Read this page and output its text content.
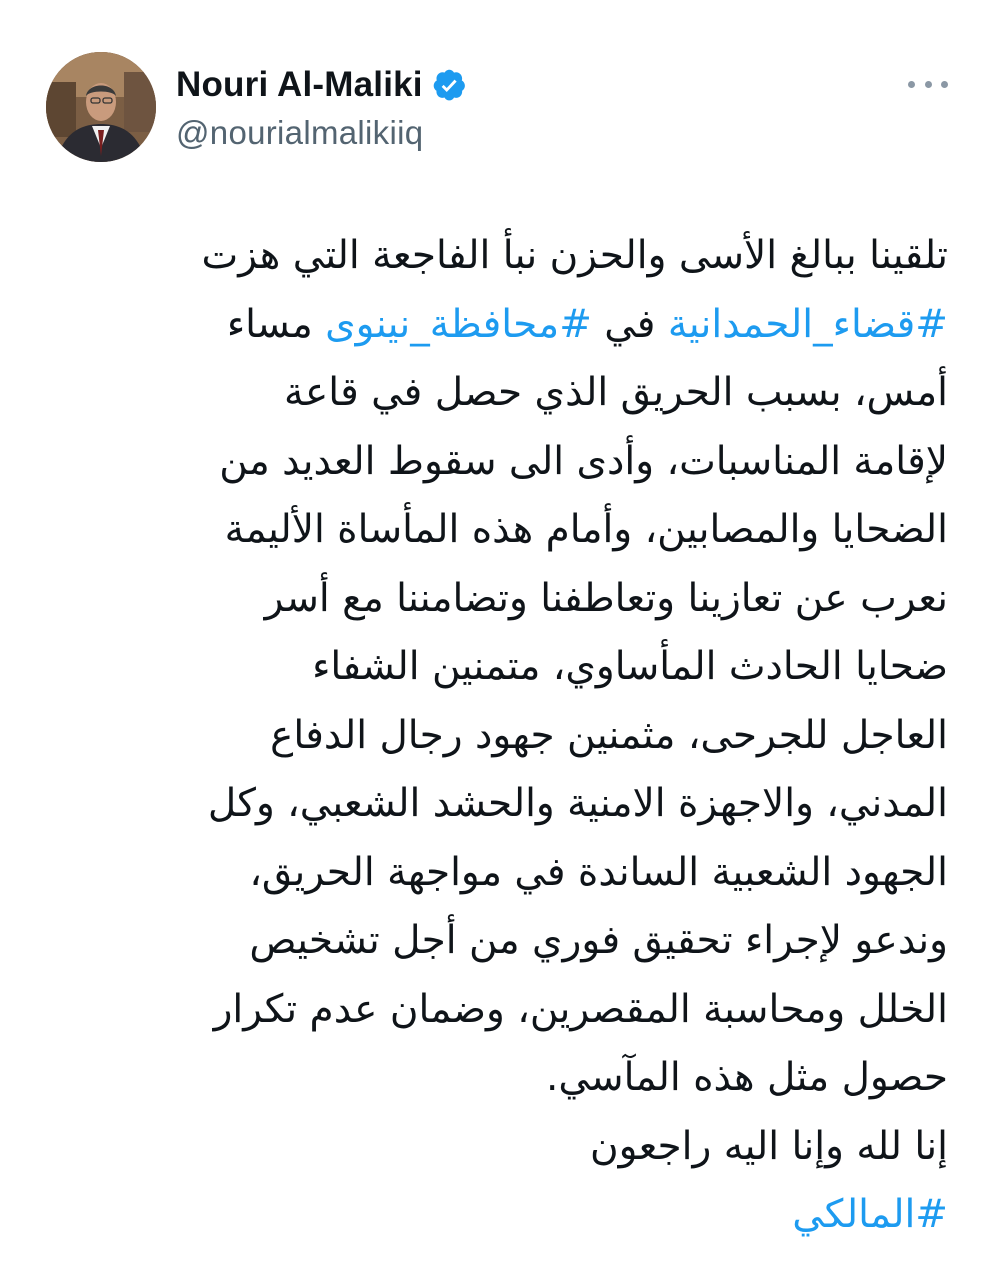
Nouri Al-Maliki
@nourialmalikiiq
تلقينا ببالغ الأسى والحزن نبأ الفاجعة التي هزت
#قضاء_الحمدانية في #محافظة_نينوى مساء
أمس، بسبب الحريق الذي حصل في قاعة
لإقامة المناسبات، وأدى الى سقوط العديد من
الضحايا والمصابين، وأمام هذه المأساة الأليمة
نعرب عن تعازينا وتعاطفنا وتضامننا مع أسر
ضحايا الحادث المأساوي، متمنين الشفاء
العاجل للجرحى، مثمنين جهود رجال الدفاع
المدني، والاجهزة الامنية والحشد الشعبي، وكل
الجهود الشعبية الساندة في مواجهة الحريق،
وندعو لإجراء تحقيق فوري من أجل تشخيص
الخلل ومحاسبة المقصرين، وضمان عدم تكرار
حصول مثل هذه المآسي.
إنا لله وإنا اليه راجعون
#المالكي
